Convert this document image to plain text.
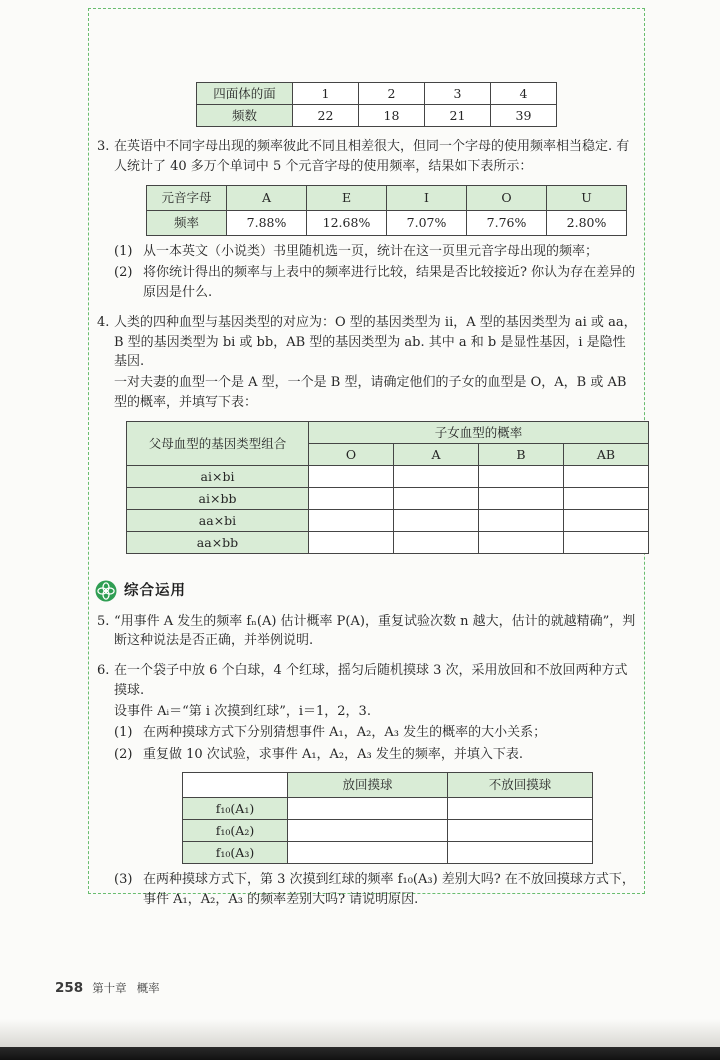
四面体的面	1	2	3	4
频数	22	18	21	39
3. 在英语中不同字母出现的频率彼此不同且相差很大，但同一个字母的使用频率相当稳定. 有人统计了 40 多万个单词中 5 个元音字母的使用频率，结果如下表所示：
元音字母	A	E	I	O	U
频率	7.88%	12.68%	7.07%	7.76%	2.80%
(1) 从一本英文（小说类）书里随机选一页，统计在这一页里元音字母出现的频率；
(2) 将你统计得出的频率与上表中的频率进行比较，结果是否比较接近? 你认为存在差异的原因是什么.
4. 人类的四种血型与基因类型的对应为：O 型的基因类型为 ii，A 型的基因类型为 ai 或 aa，B 型的基因类型为 bi 或 bb，AB 型的基因类型为 ab. 其中 a 和 b 是显性基因，i 是隐性基因.
一对夫妻的血型一个是 A 型，一个是 B 型，请确定他们的子女的血型是 O，A，B 或 AB 型的概率，并填写下表：
父母血型的基因类型组合	子女血型的概率			
	O	A	B	AB
ai×bi				
ai×bb				
aa×bi				
aa×bb				
综合运用
5. “用事件 A 发生的频率 fₙ(A) 估计概率 P(A)，重复试验次数 n 越大，估计的就越精确”，判断这种说法是否正确，并举例说明.
6. 在一个袋子中放 6 个白球，4 个红球，摇匀后随机摸球 3 次，采用放回和不放回两种方式摸球.
设事件 Aᵢ＝“第 i 次摸到红球”，i＝1，2，3.
(1) 在两种摸球方式下分别猜想事件 A₁，A₂，A₃ 发生的概率的大小关系；
(2) 重复做 10 次试验，求事件 A₁，A₂，A₃ 发生的频率，并填入下表.
	放回摸球	不放回摸球
f₁₀(A₁)		
f₁₀(A₂)		
f₁₀(A₃)		
(3) 在两种摸球方式下，第 3 次摸到红球的频率 f₁₀(A₃) 差别大吗? 在不放回摸球方式下，事件 A₁，A₂，A₃ 的频率差别大吗? 请说明原因.
258 第十章 概率
